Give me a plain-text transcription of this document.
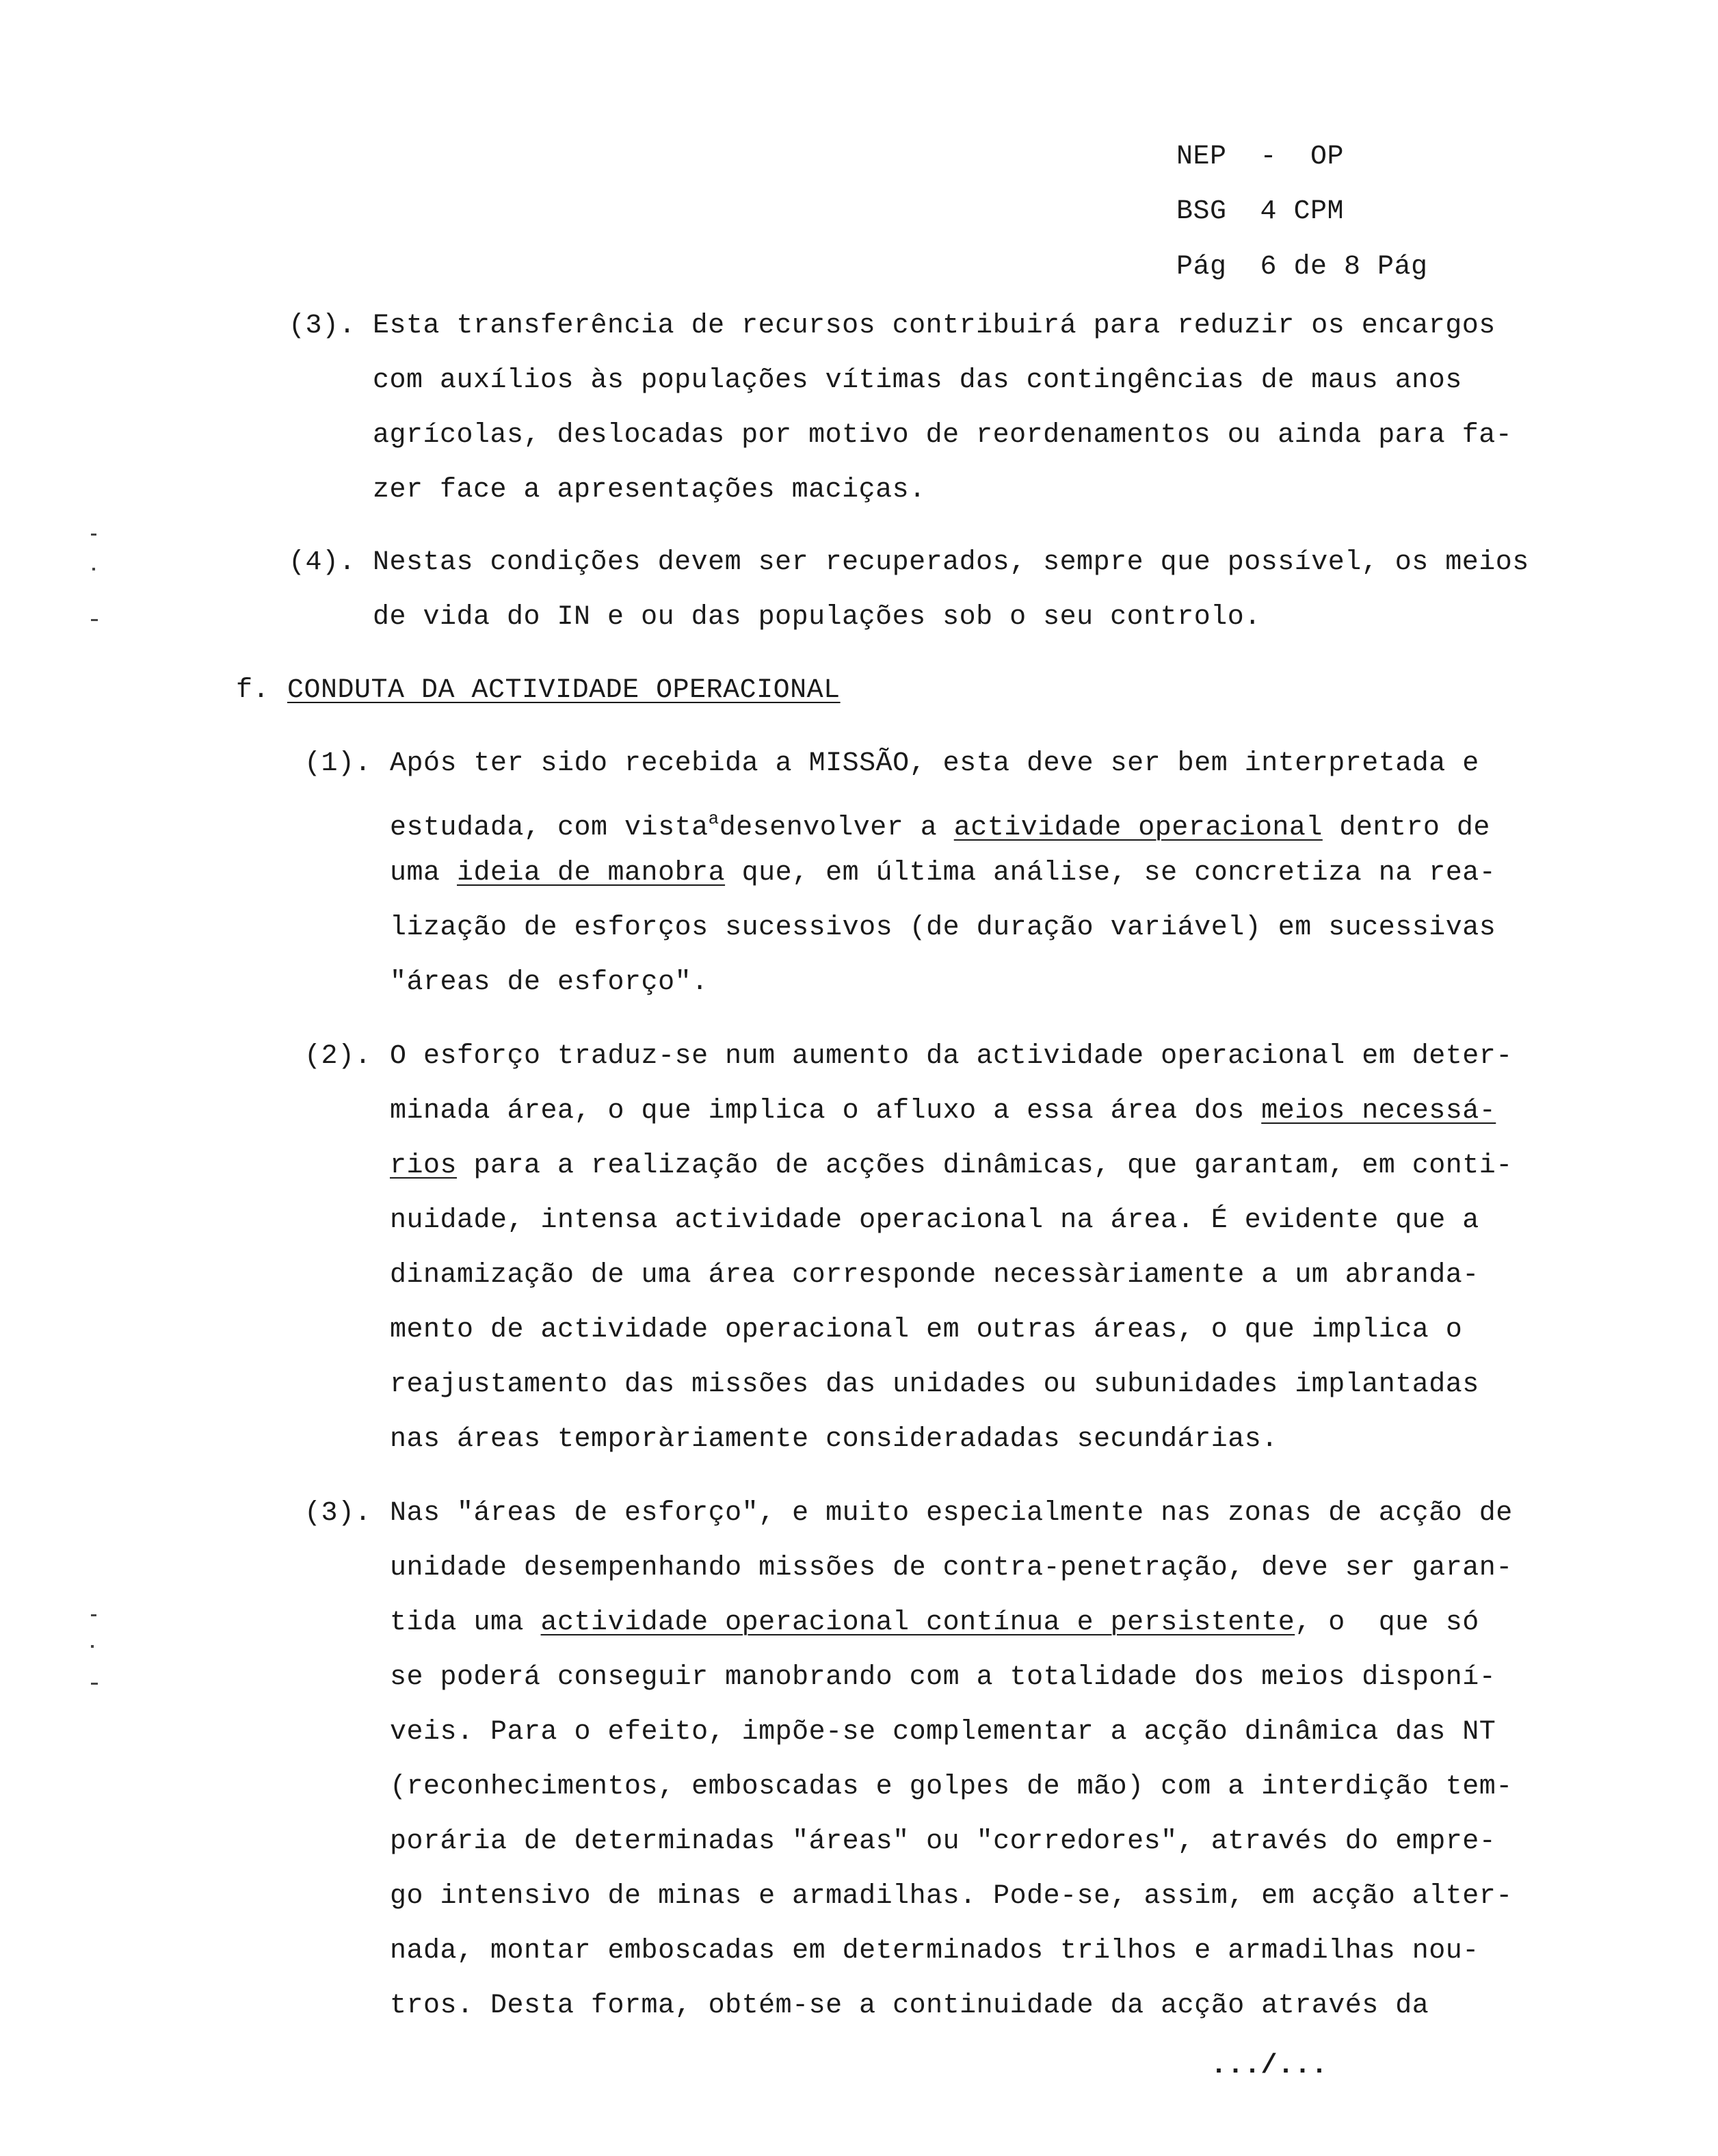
NEP  -  OP
BSG  4 CPM
Pág  6 de 8 Pág
(3). Esta transferência de recursos contribuirá para reduzir os encargos
com auxílios às populações vítimas das contingências de maus anos
agrícolas, deslocadas por motivo de reordenamentos ou ainda para fa-
zer face a apresentações maciças.
(4). Nestas condições devem ser recuperados, sempre que possível, os meios
de vida do IN e ou das populações sob o seu controlo.
f. CONDUTA DA ACTIVIDADE OPERACIONAL
(1). Após ter sido recebida a MISSÃO, esta deve ser bem interpretada e
estudada, com vista$^a$desenvolver a actividade operacional dentro de
uma ideia de manobra que, em última análise, se concretiza na rea-
lização de esforços sucessivos (de duração variável) em sucessivas
"áreas de esforço".
(2). O esforço traduz-se num aumento da actividade operacional em deter-
minada área, o que implica o afluxo a essa área dos meios necessá-
rios para a realização de acções dinâmicas, que garantam, em conti-
nuidade, intensa actividade operacional na área. É evidente que a
dinamização de uma área corresponde necessàriamente a um abranda-
mento de actividade operacional em outras áreas, o que implica o
reajustamento das missões das unidades ou subunidades implantadas
nas áreas temporàriamente consideradadas secundárias.
(3). Nas "áreas de esforço", e muito especialmente nas zonas de acção de
unidade desempenhando missões de contra-penetração, deve ser garan-
tida uma actividade operacional contínua e persistente, o  que só
se poderá conseguir manobrando com a totalidade dos meios disponí-
veis. Para o efeito, impõe-se complementar a acção dinâmica das NT
(reconhecimentos, emboscadas e golpes de mão) com a interdição tem-
porária de determinadas "áreas" ou "corredores", através do empre-
go intensivo de minas e armadilhas. Pode-se, assim, em acção alter-
nada, montar emboscadas em determinados trilhos e armadilhas nou-
tros. Desta forma, obtém-se a continuidade da acção através da
.../...
